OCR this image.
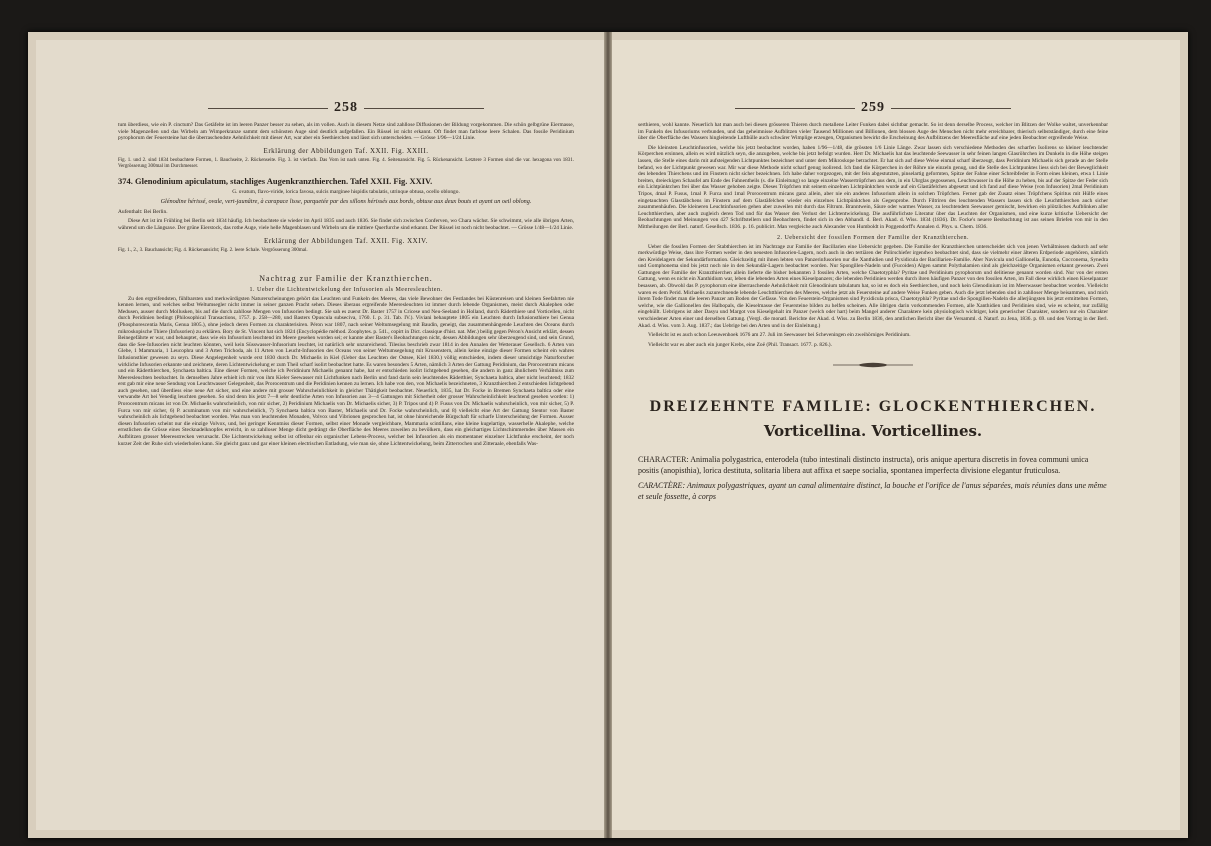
258

tum überdiess, wie ein P. cinctum? Das Getäfelte ist im leeren Panzer besser zu sehen, als im vollen. Auch in diesem Netze sind zahllose Diffusionen der Bildung vorgekommen. Die schön gelbgrüne Eiermasse, viele Magenzellen und das Wirbeln am Wimperkranze sammt dem schönsten Auge sind deutlich aufgefallen. Ein Rüssel ist nicht erkannt. Oft findet man farblose leere Schalen. Das fossile Peridinium pyrophorum der Feuersteine hat die überraschendste Aehnlichkeit mit dieser Art, war aber ein Seethierchen und lässt sich unterscheiden. — Grösse 1/96—1/24 Linie.

Erklärung der Abbildungen Taf. XXII. Fig. XXIII.

Fig. 1. und 2. sind 1834 beobachtete Formen, 1. Bauchseite, 2. Rückenseite. Fig. 3. ist vierfach. Das Vorn ist nach unten. Fig. 4. Seitenansicht. Fig. 5. Rückenansicht. Letztere 3 Formen sind die var. hexagona von 1831. Vergrösserung 300mal im Durchmesser.

374. Glenodinium apiculatum, stachliges Augenkranzthierchen. Tafel XXII. Fig. XXIV.

G. ovatum, flavo-viride, lorica favosa, sulcis marginee hispidis tabulatis, utrinque obtusa, ocello oblongo.

Glénodine hérissé, ovale, vert-jaunâtre, à carapace lisse, parquetée par des sillons hérissés aux bords, obtuse aux deux bouts et ayant un oeil oblong.

Aufenthalt: Bei Berlin.

Diese Art ist im Frühling bei Berlin seit 1834 häufig. Ich beobachtete sie wieder im April 1835 und auch 1836. Sie findet sich zwischen Conferven, wo Chara wächst. Sie schwimmt, wie alle übrigen Arten, während um die Längsaxe. Der grüne Eierstock, das rothe Auge, viele helle Magenblasen und Wirbeln um die mittlere Querfurche sind erkannt. Der Rüssel ist noch nicht beobachtet. — Grösse 1/48—1/24 Linie.

Erklärung der Abbildungen Taf. XXII. Fig. XXIV.

Fig. 1., 2., 3. Bauchansicht; Fig. 4. Rückenansicht; Fig. 2. leere Schale. Vergrösserung 300mal.

Nachtrag zur Familie der Kranzthierchen.
1. Ueber die Lichtentwickelung der Infusorien als Meeresleuchten.

Zu den ergreifendsten, fühlbarsten und merkwürdigsten Naturerscheinungen gehört das Leuchten und Funkeln des Meeres, das viele Bewohner des Festlandes bei Küstenreisen und kleinen Seefahrten nie kennen lernen, und welches selbst Weltumsegler nicht immer in seiner ganzen Pracht sehen. Dieses überaus ergreifende Meeresleuchten ist immer durch lebende Organismen, meist durch Akalephen oder Medusen, ausser durch Mollusken, bis auf die durch zahllose Mengen von Infusorien bedingt. Sie sah es zuerst Dr. Baster 1757 in Cricese und Neu-Seeland in Holland, durch Räderthiere und Vorticellen, nicht durch Peridinien bedingt (Philosophical Transactions, 1757. p. 258—280, und Basters Opuscula subseciva, 1760. I. p. 31. Tab. IV.). Viviani behauptete 1805 ein Leuchten durch Infusionsthiere bei Genua (Phosphorescentia Maris, Genua 1805.), ohne jedoch deren Formen zu charakterisiren. Péron war 1807, nach seiner Weltumsegelung mit Baudin, geneigt, das zusammenhängende Leuchten des Oceans durch mikroskopische Thiere (Infusorien) zu erklären. Bory de St. Vincent hat sich 1824 (Encyclopédie méthod. Zoophytes. p. 541., copirt in Dict. classique d'hist. nat. Mer.) beilig gegen Péron's Ansicht erklärt, dessen Beinegefährte er war, und behauptet, dass wie ein Infusorium leuchtend im Meere gesehen worden sei; er kannte aber Baster's Beobachtungen nicht, dessen Abbildungen sehr überzeugend sind, und sein Grund, dass die See-Infusorien nicht leuchten könnten, weil kein Süsswasser-Infusorium leuchtet, ist natürlich sehr unzureichend. Tilesius beschrieb zwar 1814 in den Annalen der Wetterauer Gesellsch. 6 Arten von Glebe, 1 Mammaria, 1 Leucophra und 3 Arten Trichoda, als 11 Arten von Leucht-Infusorien des Oceans von seiner Weltumsegelung mit Krusenstern, allein keine einzige dieser Formen scheint ein wahres Infusionsthier gewesen zu seyn. Diese Angelegenheit wurde erst 1830 durch Dr. Michaelis in Kiel (Ueber das Leuchten der Ostsee, Kiel 1830.) völlig entschieden, indem dieser umsichtige Naturforscher wirkliche Infusorien erkannte und zeichnete, deren Lichtentwickelung er zum Theil scharf isolirt beobachtet hatte. Es waren besonders 5 Arten, nämlich 3 Arten der Gattung Peridinium, das Prorocentrum micans und ein Räderthierchen, Synchaeta baltica. Eine dieser Formen, welche ich Peridinium Michaelis genannt habe, hat er entschieden isolirt lichtgebend gesehen, die andern in ganz ähnlichem Verhältniss zum Meeresleuchten beobachtet. In demselben Jahre erhielt ich mir von ihm Kieler Seewasser mit Lichtfunken nach Berlin und fand darin sein leuchtendes Räderthier, Synchaeta baltica, aber nicht leuchtend; 1832 erst gab mir eine neue Sendung von Leuchtwasser Gelegenheit, das Prorocentrum und die Peridinien kennen zu lernen. Ich habe von den, von Michaelis bezeichneten, 3 Kranzthierchen 2 entschieden lichtgebend auch gesehen, und überdiess eine neue Art sicher, und eine andere mit grosser Wahrscheinlichkeit in gleicher Thätigkeit beobachtet. Neuerlich, 1835, hat Dr. Focke in Bremen Synchaeta baltica oder eine verwandte Art bei Venedig leuchten gesehen. So sind denn bis jetzt 7—8 sehr deutliche Arten von Infusorien aus 3—4 Gattungen mit Sicherheit oder grosser Wahrscheinlichkeit leuchtend gesehen worden: 1) Prorocentrum micans ist von Dr. Michaelis wahrscheinlich, von mir sicher, 2) Peridinium Michaelis von Dr. Michaelis sicher, 3) P. Tripos und 4) P. Fusus von Dr. Michaelis wahrscheinlich, von mir sicher, 5) P. Furca von mir sicher, 6) P. acuminatum von mir wahrscheinlich, 7) Synchaeta baltica von Baster, Michaelis und Dr. Focke wahrscheinlich, und 8) vielleicht eine Art der Gattung Stentor von Baster wahrscheinlich als lichtgebend beobachtet worden. Was man von leuchtenden Monaden, Volvox und Vibrionen gesprochen hat, ist ohne hinreichende Bürgschaft für scharfe Unterscheidung der Formen. Ausser diesen Infusorien scheint nur die einzige Volvox, und, bei geringer Kenntniss dieser Formen, selbst einer Monade vergleichbare, Mammaria scintillans, eine kleine kugelartige, wasserhelle Akalephe, welche ernstlichen die Grösse eines Stecknadelknopfes erreicht, in so zahlloser Menge dicht gedrängt die Oberfläche des Meeres zuweilen zu bevölkern, dass ein gleichartiges Lichtschimmerndes über Massen ein Aufblitzen grosser Meeresstrecken verursacht. Die Lichtentwickelung selbst ist offenbar ein organischer Lebens-Process, welcher bei Infusorien als ein momentaner einzelner Lichtfunke erscheint, der noch kurzer Zeit der Ruhe sich wiederholen kann. Sie gleicht ganz und gar einer kleinen electrischen Entladung, wie man sie, ohne Lichtentwickelung, beim Zitterrochen und Zitteraale, ebenfalls Was-

259

serthieren, wohl kannte. Neuerlich hat man auch bei diesen grösseren Thieren durch metallene Leiter Funken dabei sichtbar gemacht. So ist denn derselbe Process, welcher im Blitzen der Wolke waltet, unverkennbar im Funkeln des Infusoriums verbunden, und das geheimnisse Aufblitzen vieler Tausend Millionen und Billionen, dem blossen Auge des Menschen nicht mehr erreichbarer, thierisch selbstständiger, durch eine feine über die Oberfläche des Wassers hingleitende Lufthülle auch schwärer Wimplige erzeugen, Organismen bewirkt die Erscheinung des Aufblitzens der Meeresfläche auf eine jeden Beobachter ergreifende Weise.

Die kleinsten Leuchtinfusorien, welche bis jetzt beobachtet worden, haben 1/96—1/48, die grössten 1/6 Linie Länge. Zwar lassen sich verschiedene Methoden des scharfen Isolirens so kleiner leuchtender Körperchen ersinnen, allein es wird nützlich seyn, die anzugeben, welche bis jetzt befolgt wurden. Herr Dr. Michaelis hat das leuchtende Seewasser in sehr feinen langen Glasröhrchen im Dunkeln in die Höhe steigen lassen, die Stelle eines darin mit aufsteigenden Lichtpunktes bezeichnet und unter dem Mikroskope betrachtet. Er hat sich auf diese Weise einmal scharf überzeugt, dass Peridinium Michaelis sich gerade an der Stelle befand, wo der Lichtpunkt gewesen war. Mir war diese Methode nicht scharf genug isolirend. Ich fand die Körperchen in der Röhre nie einzeln genug, und die Stelle des Lichtpunktes liess sich bei der Beweglichkeit des lebenden Thierchens und im Finstern nicht sicher bezeichnen. Ich habe daher vorgezogen, mit der fein abgestutzten, pinselartig geformten, Spitze der Fahne einer Schreibfeder in Form eines kleinen, etwa 1 Linie breiten, dreieckigen Schaufel am Ende des Fahnentheils (s. die Einleitung) so lange einzelne Wassertröpfchen aus dem, in ein Uhrglas gegossenen, Leuchtwasser in die Höhe zu heben, bis auf der Spitze der Feder sich ein Lichtpünktchen frei über das Wasser gehoben zeigte. Dieses Tröpfchen mit seinem einzelnen Lichtpünktchen wurde auf ein Glastäfelchen abgesetzt und ich fand auf diese Weise (von Infusorien) 2mal Peridinium Tripos, 4mal P. Fusus, 1mal P. Furca und 1mal Prorocentrum micans ganz allein, aber nie ein anderes Infusorium allein in solchen Tröpfchen. Ferner gab der Zusatz eines Tröpfchens Spiritus mit Hülfe eines eingetauchten Glasstäbchens im Finstern auf dem Glastäfelchen wieder ein einzelnes Lichtpünktchen als Gegenprobe. Durch Filtriren des leuchtenden Wassers lassen sich die Leuchtthierchen auch sicher zusammenhäufen. Die kleineren Leuchtinfusorien gehen aber zuweilen mit durch das Filtrum. Branntwein, Säure oder warmes Wasser, zu leuchtendem Seewasser gemischt, bewirken ein plötzliches Aufblinken aller Leuchtthierchen, aber auch zugleich deren Tod und für das Wasser den Verlust der Lichtentwickelung. Die ausführlichste Literatur über das Leuchten der Organismen, und eine kurze kritische Uebersicht der Beobachtungen und Meinungen von 427 Schriftstellern und Beobachtern, findet sich in den Abhandl. d. Berl. Akad. d. Wiss. 1834 (1836). Dr. Focke's neuere Beobachtung ist aus seinen Briefen von mir in den Mittheilungen der Berl. naturf. Gesellsch. 1836. p. 16. publicirt. Man vergleiche auch Alexander von Humboldt in Poggendorff's Annalen d. Phys. u. Chem. 1836.

2. Uebersicht der fossilen Formen der Familie der Kranzthierchen.

Ueber die fossilen Formen der Stabthierchen ist im Nachtrage zur Familie der Bacillarien eine Uebersicht gegeben. Die Familie der Kranzthierchen unterscheidet sich von jenen Verhältnissen dadurch auf sehr merkwürdige Weise, dass ihre Formen weder in den neuesten Infusorien-Lagern, noch auch in den tertiären der Polirschiefer irgendwo beobachtet sind, dass sie vielmehr einer älteren Erdperiode angehören, nämlich den Kreidelagern der Sekundärformation. Gleichzeitig mit ihnen lebten von Panzerinfusorien nur die Xanthidien und Pyxidicula der Bacillarien-Familie. Aber Navicula und Gallionella, Eunotia, Cocconema, Synedra und Gomphonema sind bis jetzt noch nie in den Sekundär-Lagern beobachtet worden. Nur Spongillen-Nadeln und (Fucoiden) Algen sammt Polythalamien sind als gleichzeitige Organismen erkannt gewesen. Zwei Gattungen der Familie der Kranzthierchen allein lieferte die bisher bekannten 3 fossilen Arten, welche Chaetotyphla? Pyritae und Peridinium pyrophorum und delitiense genannt worden sind. Nur von der ersten Gattung, wenn es nicht ein Xanthidium war, leben die lebenden Arten eines Kieselpanzers; die lebenden Peridinien werden durch ihren häufigen Panzer von den fossilen Arten, im Fall diese wirklich einen Kieselpanzer besassen, ab. Obwohl das P. pyrophorum eine überraschende Aehnlichkeit mit Glenodinium tabulatum hat, so ist es doch ein Seethierchen, und noch kein Glenodinium ist im Meerwasser beobachtet worden. Vielleicht waren es dem Perid. Michaelis zuzurechnende lebende Leuchtthierchen des Meeres, welche jetzt als Feuersteine auf andere Weise Funken geben. Auch die jetzt lebenden sind in zahlloser Menge beisammen, und mich ihrem Tode findet man die leeren Panzer am Boden der Gefässe. Von den Feuerstein-Organismen sind Pyxidicula prisca, Chaetotyphla? Pyritae und die Spongillen-Nadeln die allerjüngsten bis jetzt ermittelten Formen, welche, wie die Gallionellen des Halbopals, die Kieselmasse der Feuersteine bilden zu helfen scheinen. Alle übrigen darin vorkommenden Formen, alle Xanthidien und Peridinien sind, wie es scheint, nur zufällig eingehüllt. Uebrigens ist aber Dasyu und Margot von Kieselgehalt im Panzer (welch oder hart) beim Mangel anderer Charaktere kein physiologisch wichtiger, kein generischer Charakter, sondern nur ein Charakter verschiedener Arten einer und derselben Gattung. (Vergl. die monatl. Berichte der Akad. d. Wiss. zu Berlin 1836, den amtlichen Bericht über die Versamml. d. Naturf. zu Jena, 1836. p. 69. und den Vortrag in der Berl. Akad. d. Wiss. vom 3. Aug. 1837.; das Uebrige bei den Arten und in der Einleitung.)

Vielleicht ist es auch schon Leeuwenhoek 1676 am 27. Juli im Seewasser bei Scheveningen ein zweihörniges Peridinium.

Vielleicht war es aber auch ein junger Krebs, eine Zoë (Phil. Transact. 1677. p. 826.).

DREIZEHNTE FAMILIE: GLOCKENTHIERCHEN.
Vorticellina. Vorticellines.

CHARACTER: Animalia polygastrica, enterodela (tubo intestinali distincto instructa), oris anique apertura discretis in fovea communi unica positis (anopisthia), lorica destituta, solitaria libera aut affixa et saepe socialia, spontanea imperfecta divisione elegantur fruticulosa.

CARACTÈRE: Animaux polygastriques, ayant un canal alimentaire distinct, la bouche et l'orifice de l'anus séparées, mais réunies dans une même et seule fossette, à corps
